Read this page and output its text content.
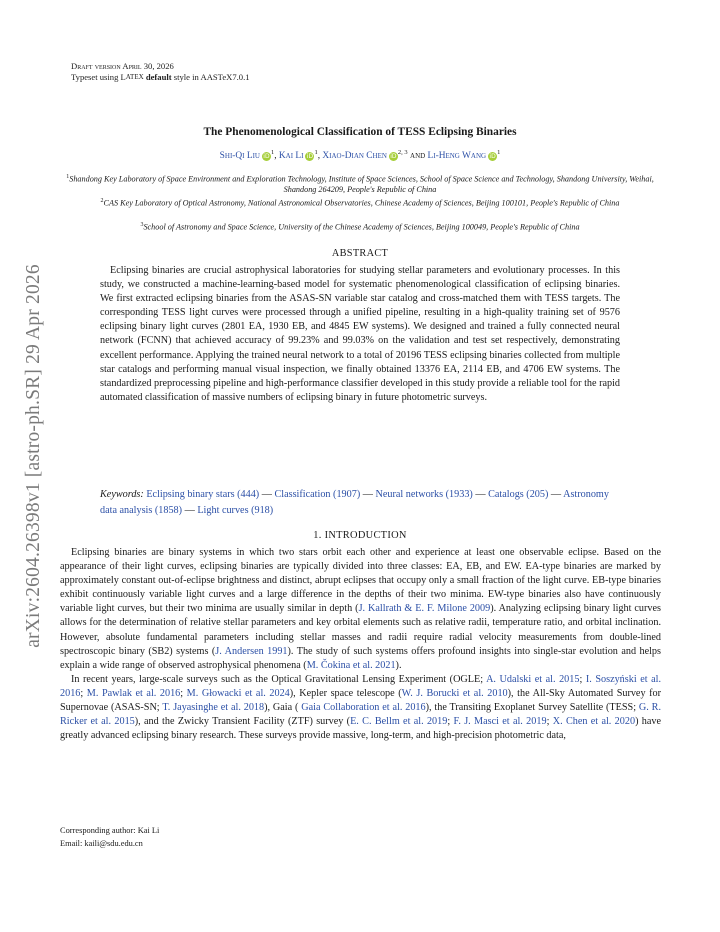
arXiv:2604.26398v1 [astro-ph.SR] 29 Apr 2026
Draft version April 30, 2026
Typeset using LATEX default style in AASTeX7.0.1
The Phenomenological Classification of TESS Eclipsing Binaries
Shi-Qi Liu $iD^1$, Kai Li $iD^1$, Xiao-Dian Chen iD$^{2, 3}$ and Li-Heng Wang $iD^1$
$^1$Shandong Key Laboratory of Space Environment and Exploration Technology, Institute of Space Sciences, School of Space Science and Technology, Shandong University, Weihai, Shandong 264209, People's Republic of China
$^2$CAS Key Laboratory of Optical Astronomy, National Astronomical Observatories, Chinese Academy of Sciences, Beijing 100101, People's Republic of China
$^3$School of Astronomy and Space Science, University of the Chinese Academy of Sciences, Beijing 100049, People's Republic of China
ABSTRACT
Eclipsing binaries are crucial astrophysical laboratories for studying stellar parameters and evolutionary processes. In this study, we constructed a machine-learning-based model for systematic phenomenological classification of eclipsing binaries. We first extracted eclipsing binaries from the ASAS-SN variable star catalog and cross-matched them with TESS targets. The corresponding TESS light curves were processed through a unified pipeline, resulting in a high-quality training set of 9576 eclipsing binary light curves (2801 EA, 1930 EB, and 4845 EW systems). We designed and trained a fully connected neural network (FCNN) that achieved accuracy of 99.23% and 99.03% on the validation and test set respectively, demonstrating excellent performance. Applying the trained neural network to a total of 20196 TESS eclipsing binaries collected from multiple star catalogs and performing manual visual inspection, we finally obtained 13376 EA, 2114 EB, and 4706 EW systems. The standardized preprocessing pipeline and high-performance classifier developed in this study provide a reliable tool for the rapid automated classification of massive numbers of eclipsing binary in future photometric surveys.
Keywords: Eclipsing binary stars (444) — Classification (1907) — Neural networks (1933) — Catalogs (205) — Astronomy data analysis (1858) — Light curves (918)
1. INTRODUCTION

Eclipsing binaries are binary systems in which two stars orbit each other and experience at least one observable eclipse. Based on the appearance of their light curves, eclipsing binaries are typically divided into three classes: EA, EB, and EW. EA-type binaries are marked by approximately constant out-of-eclipse brightness and distinct, abrupt eclipses that occupy only a small fraction of the light curve. EB-type binaries exhibit continuously variable light curves and a large difference in the depths of their two minima. EW-type binaries also have continuously variable light curves, but their two minima are usually similar in depth (J. Kallrath & E. F. Milone 2009). Analyzing eclipsing binary light curves allows for the determination of relative stellar parameters and key orbital elements such as relative radii, temperature ratio, and orbital inclination. However, absolute fundamental parameters including stellar masses and radii require radial velocity measurements from double-lined spectroscopic binary (SB2) systems (J. Andersen 1991). The study of such systems offers profound insights into single-star evolution and helps explain a wide range of observed astrophysical phenomena (M. Čokina et al. 2021).

In recent years, large-scale surveys such as the Optical Gravitational Lensing Experiment (OGLE; A. Udalski et al. 2015; I. Soszyński et al. 2016; M. Pawlak et al. 2016; M. Głowacki et al. 2024), Kepler space telescope (W. J. Borucki et al. 2010), the All-Sky Automated Survey for Supernovae (ASAS-SN; T. Jayasinghe et al. 2018), Gaia ( Gaia Collaboration et al. 2016), the Transiting Exoplanet Survey Satellite (TESS; G. R. Ricker et al. 2015), and the Zwicky Transient Facility (ZTF) survey (E. C. Bellm et al. 2019; F. J. Masci et al. 2019; X. Chen et al. 2020) have greatly advanced eclipsing binary research. These surveys provide massive, long-term, and high-precision photometric data,

Corresponding author: Kai Li
Email: kaili@sdu.edu.cn
